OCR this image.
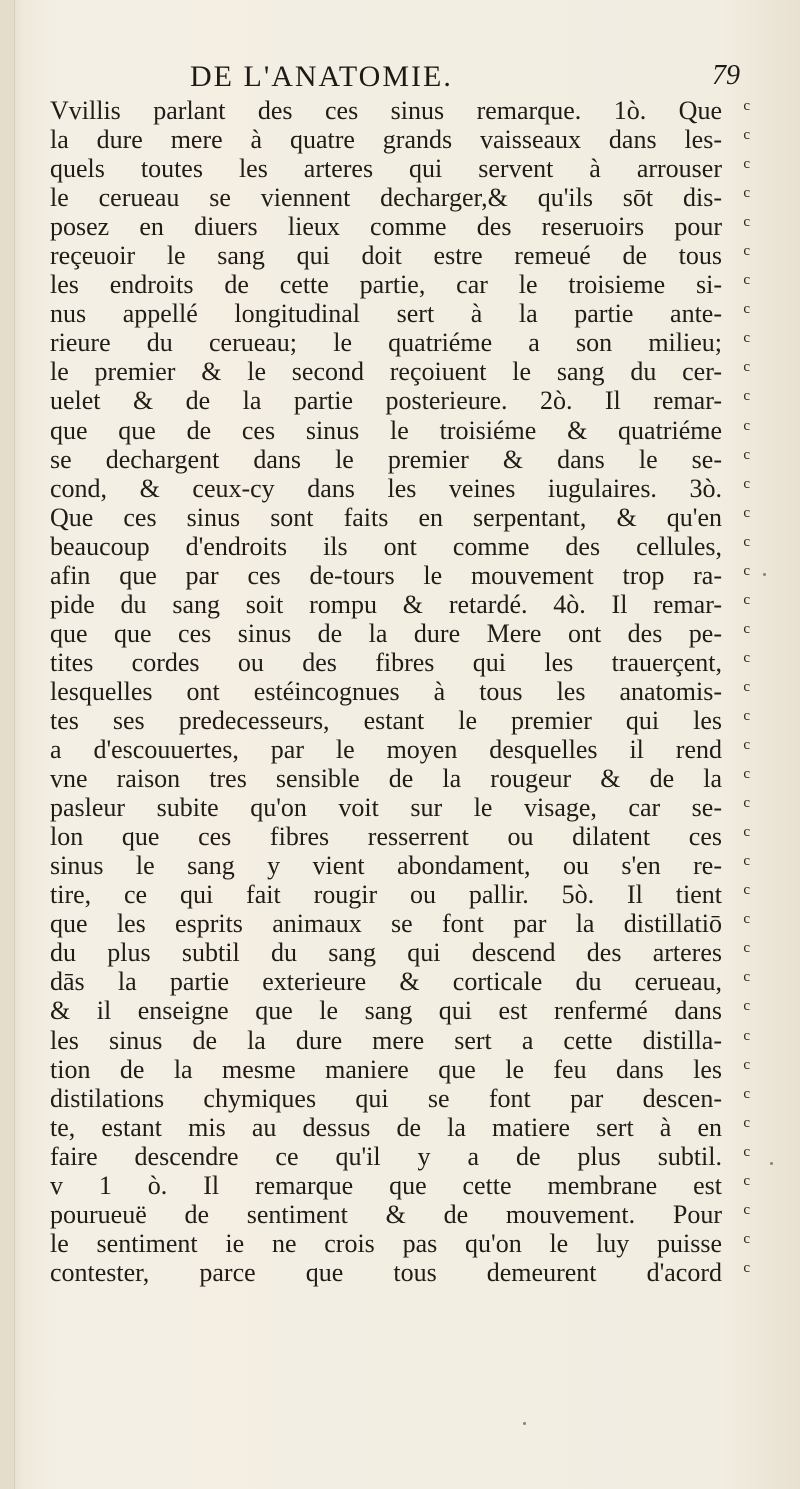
DE L'ANATOMIE.	79
Vvillis parlant des ces sinus remarque. 1ò. Que c
la dure mere à quatre grands vaisseaux dans les- c
quels toutes les arteres qui servent à arrouser c
le cerueau se viennent decharger,& qu'ils sōt dis- c
posez en diuers lieux comme des reseruoirs pour c
reçeuoir le sang qui doit estre remeué de tous c
les endroits de cette partie, car le troisieme si- c
nus appellé longitudinal sert à la partie ante- c
rieure du cerueau; le quatriéme a son milieu; c
le premier & le second reçoiuent le sang du cer- c
uelet & de la partie posterieure. 2ò. Il remar- c
que que de ces sinus le troisiéme & quatriéme c
se dechargent dans le premier & dans le se- c
cond, & ceux-cy dans les veines iugulaires. 3ò. c
Que ces sinus sont faits en serpentant, & qu'en c
beaucoup d'endroits ils ont comme des cellules, c
afin que par ces de-tours le mouvement trop ra- c
pide du sang soit rompu & retardé. 4ò. Il remar- c
que que ces sinus de la dure Mere ont des pe- c
tites cordes ou des fibres qui les trauerçent, c
lesquelles ont estéincognues à tous les anatomis- c
tes ses predecesseurs, estant le premier qui les c
a d'escouuertes, par le moyen desquelles il rend c
vne raison tres sensible de la rougeur & de la c
pasleur subite qu'on voit sur le visage, car se- c
lon que ces fibres resserrent ou dilatent ces c
sinus le sang y vient abondament, ou s'en re- c
tire, ce qui fait rougir ou pallir. 5ò. Il tient c
que les esprits animaux se font par la distillatiō c
du plus subtil du sang qui descend des arteres c
dās la partie exterieure & corticale du cerueau, c
& il enseigne que le sang qui est renfermé dans c
les sinus de la dure mere sert a cette distilla- c
tion de la mesme maniere que le feu dans les c
distilations chymiques qui se font par descen- c
te, estant mis au dessus de la matiere sert à en c
faire descendre ce qu'il y a de plus subtil. c
v 1 ò. Il remarque que cette membrane est c
pourueuë de sentiment & de mouvement. Pour c
le sentiment ie ne crois pas qu'on le luy puisse c
contester, parce que tous demeurent d'acord c
